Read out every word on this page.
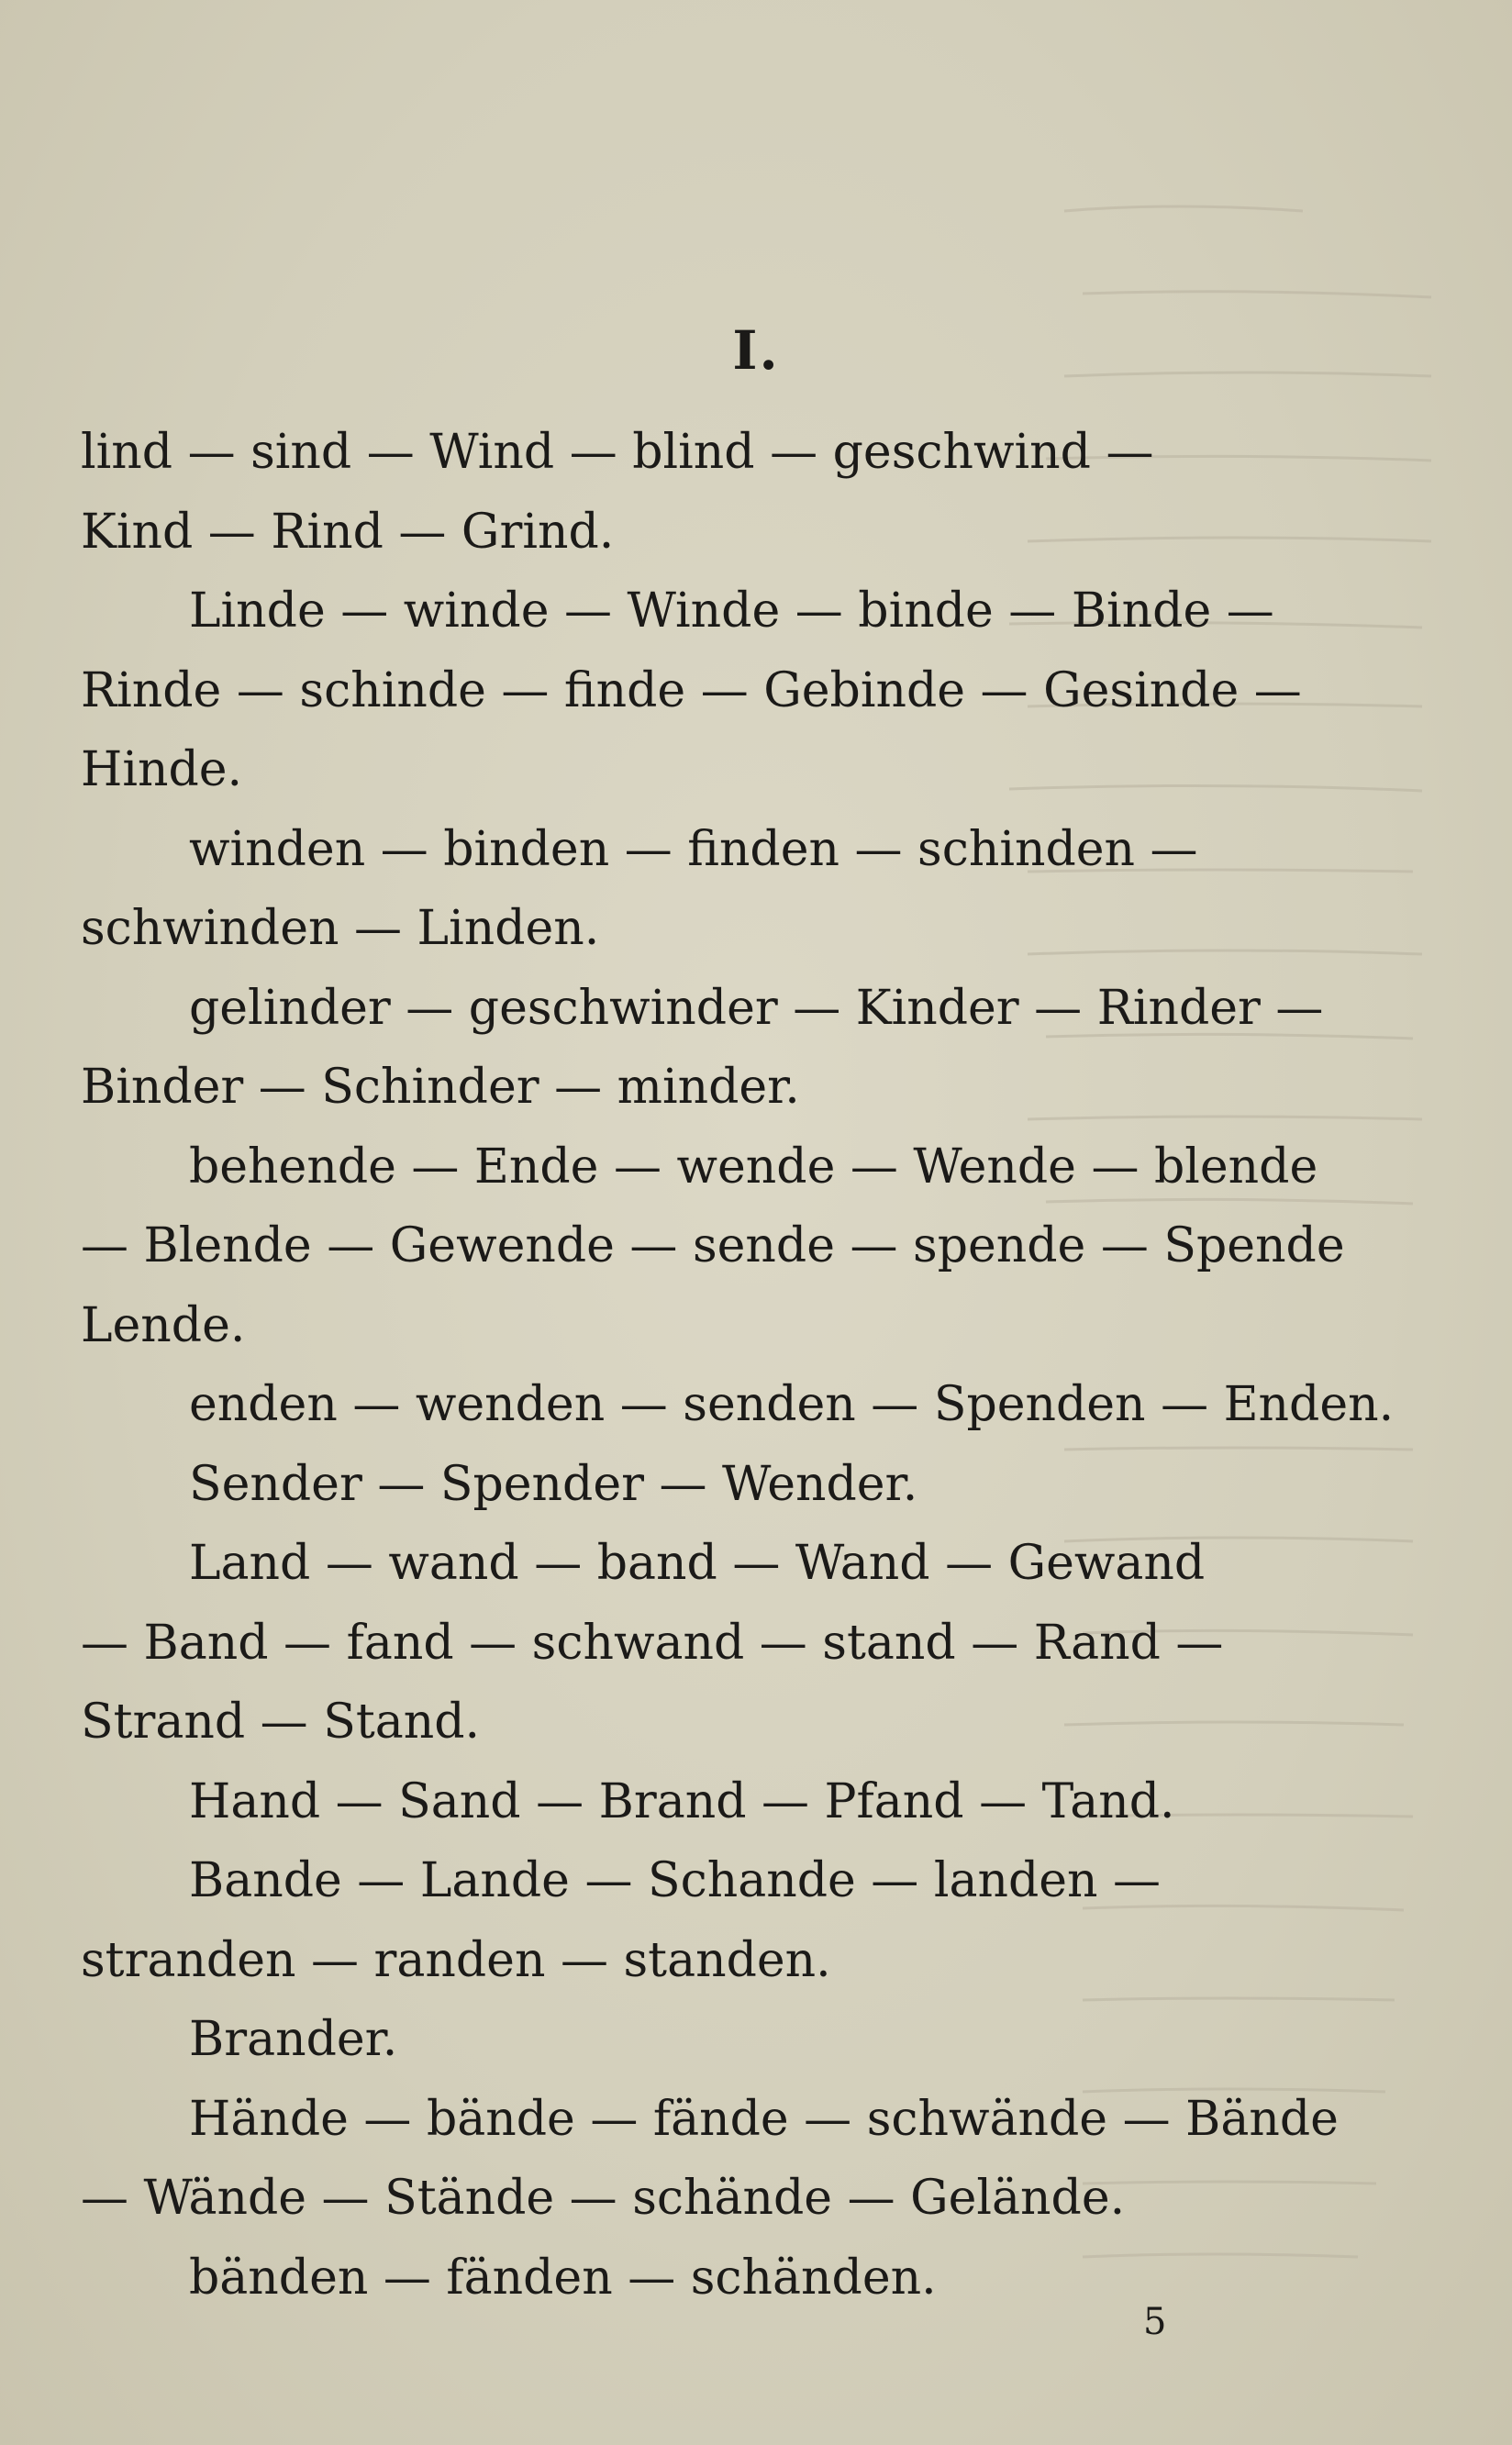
I.
lind — sind — Wind — blind — geschwind —
Kind — Rind — Grind.
Linde — winde — Winde — binde — Binde —
Rinde — schinde — finde — Gebinde — Gesinde —
Hinde.
winden — binden — finden — schinden —
schwinden — Linden.
gelinder — geschwinder — Kinder — Rinder —
Binder — Schinder — minder.
behende — Ende — wende — Wende — blende
— Blende — Gewende — sende — spende — Spende
Lende.
enden — wenden — senden — Spenden — Enden.
Sender — Spender — Wender.
Land — wand — band — Wand — Gewand
— Band — fand — schwand — stand — Rand —
Strand — Stand.
Hand — Sand — Brand — Pfand — Tand.
Bande — Lande — Schande — landen —
stranden — randen — standen.
Brander.
Hände — bände — fände — schwände — Bände
— Wände — Stände — schände — Gelände.
bänden — fänden — schänden.
5
